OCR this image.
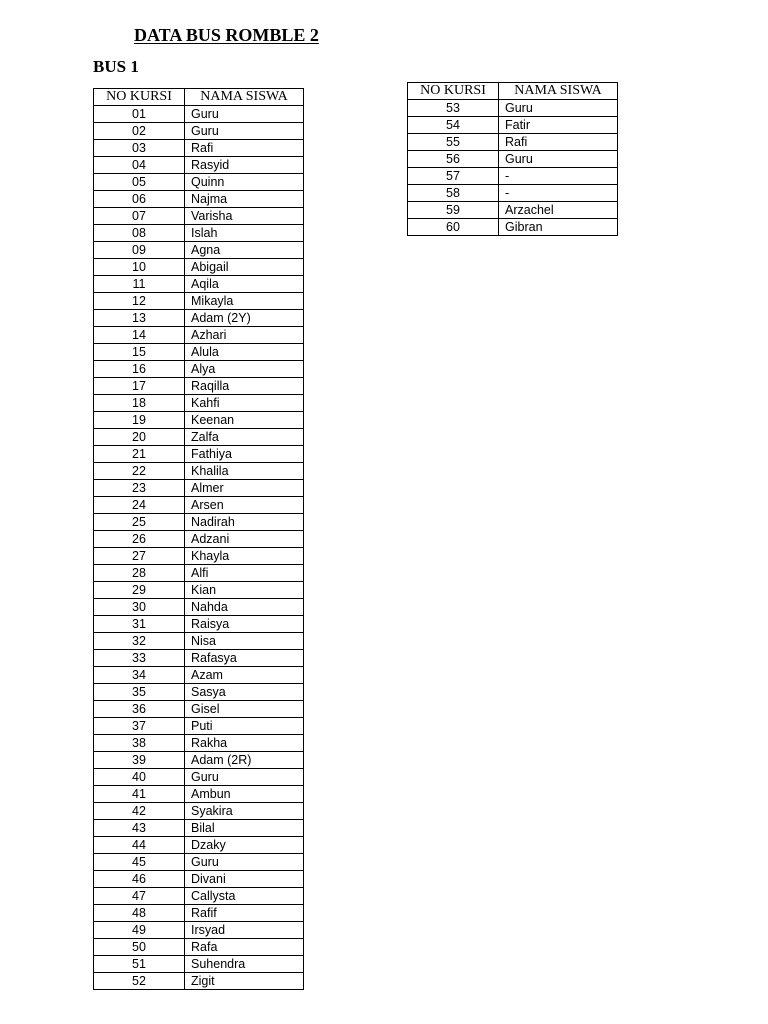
DATA BUS ROMBLE 2
BUS 1
NO KURSI	NAMA SISWA
01	Guru
02	Guru
03	Rafi
04	Rasyid
05	Quinn
06	Najma
07	Varisha
08	Islah
09	Agna
10	Abigail
11	Aqila
12	Mikayla
13	Adam (2Y)
14	Azhari
15	Alula
16	Alya
17	Raqilla
18	Kahfi
19	Keenan
20	Zalfa
21	Fathiya
22	Khalila
23	Almer
24	Arsen
25	Nadirah
26	Adzani
27	Khayla
28	Alfi
29	Kian
30	Nahda
31	Raisya
32	Nisa
33	Rafasya
34	Azam
35	Sasya
36	Gisel
37	Puti
38	Rakha
39	Adam (2R)
40	Guru
41	Ambun
42	Syakira
43	Bilal
44	Dzaky
45	Guru
46	Divani
47	Callysta
48	Rafif
49	Irsyad
50	Rafa
51	Suhendra
52	Zigit
NO KURSI	NAMA SISWA
53	Guru
54	Fatir
55	Rafi
56	Guru
57	-
58	-
59	Arzachel
60	Gibran
